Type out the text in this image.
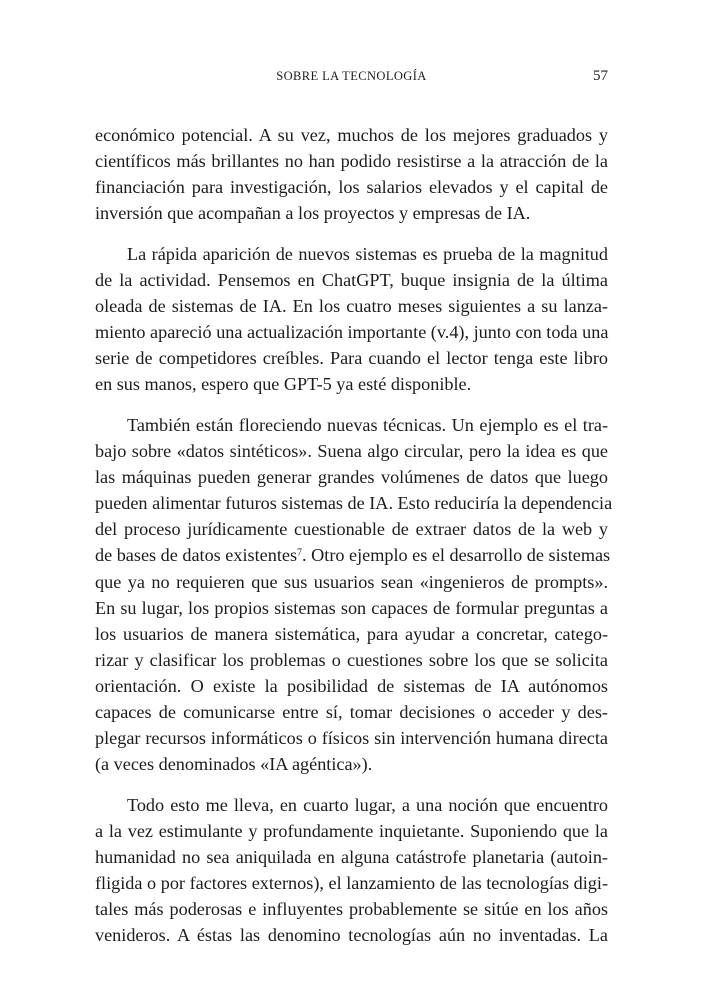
SOBRE LA TECNOLOGÍA	57

económico potencial. A su vez, muchos de los mejores graduados y
científicos más brillantes no han podido resistirse a la atracción de la
financiación para investigación, los salarios elevados y el capital de
inversión que acompañan a los proyectos y empresas de IA.

La rápida aparición de nuevos sistemas es prueba de la magnitud
de la actividad. Pensemos en ChatGPT, buque insignia de la última
oleada de sistemas de IA. En los cuatro meses siguientes a su lanza-
miento apareció una actualización importante (v.4), junto con toda una
serie de competidores creíbles. Para cuando el lector tenga este libro
en sus manos, espero que GPT-5 ya esté disponible.

También están floreciendo nuevas técnicas. Un ejemplo es el tra-
bajo sobre «datos sintéticos». Suena algo circular, pero la idea es que
las máquinas pueden generar grandes volúmenes de datos que luego
pueden alimentar futuros sistemas de IA. Esto reduciría la dependencia
del proceso jurídicamente cuestionable de extraer datos de la web y
de bases de datos existentes$^7$. Otro ejemplo es el desarrollo de sistemas
que ya no requieren que sus usuarios sean «ingenieros de prompts».
En su lugar, los propios sistemas son capaces de formular preguntas a
los usuarios de manera sistemática, para ayudar a concretar, catego-
rizar y clasificar los problemas o cuestiones sobre los que se solicita
orientación. O existe la posibilidad de sistemas de IA autónomos
capaces de comunicarse entre sí, tomar decisiones o acceder y des-
plegar recursos informáticos o físicos sin intervención humana directa
(a veces denominados «IA agéntica»).

Todo esto me lleva, en cuarto lugar, a una noción que encuentro
a la vez estimulante y profundamente inquietante. Suponiendo que la
humanidad no sea aniquilada en alguna catástrofe planetaria (autoin-
fligida o por factores externos), el lanzamiento de las tecnologías digi-
tales más poderosas e influyentes probablemente se sitúe en los años
venideros. A éstas las denomino tecnologías aún no inventadas. La
